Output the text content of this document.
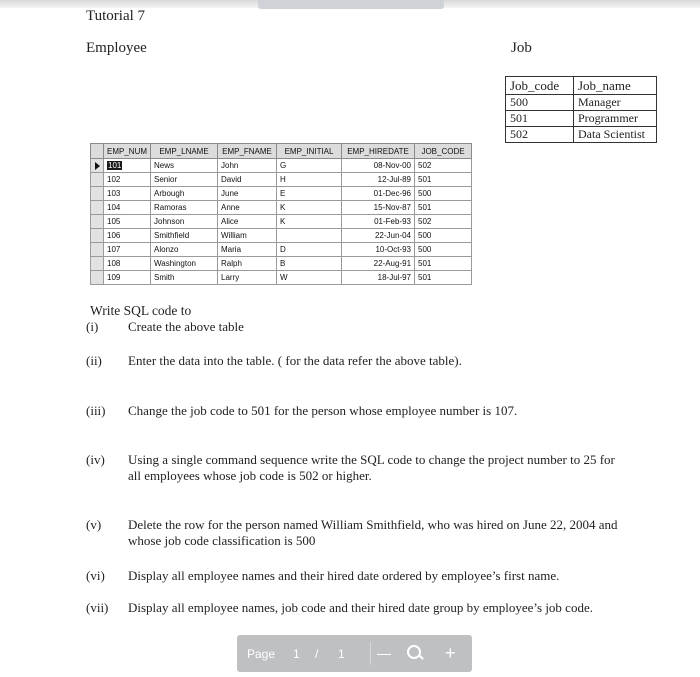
Tutorial 7
Employee	Job
Job_code	Job_name
500	Manager
501	Programmer
502	Data Scientist
	EMP_NUM	EMP_LNAME	EMP_FNAME	EMP_INITIAL	EMP_HIREDATE	JOB_CODE
	101	News	John	G	08-Nov-00	502
	102	Senior	David	H	12-Jul-89	501
	103	Arbough	June	E	01-Dec-96	500
	104	Ramoras	Anne	K	15-Nov-87	501
	105	Johnson	Alice	K	01-Feb-93	502
	106	Smithfield	William		22-Jun-04	500
	107	Alonzo	Maria	D	10-Oct-93	500
	108	Washington	Ralph	B	22-Aug-91	501
	109	Smith	Larry	W	18-Jul-97	501
Write SQL code to
(i) Create the above table
(ii) Enter the data into the table. ( for the data refer the above table).
(iii) Change the job code to 501 for the person whose employee number is 107.
(iv) Using a single command sequence write the SQL code to change the project number to 25 for all employees whose job code is 502 or higher.
(v) Delete the row for the person named William Smithfield, who was hired on June 22, 2004 and whose job code classification is 500
(vi) Display all employee names and their hired date ordered by employee’s first name.
(vii) Display all employee names, job code and their hired date group by employee’s job code.
Page 1 / 1 —	+
